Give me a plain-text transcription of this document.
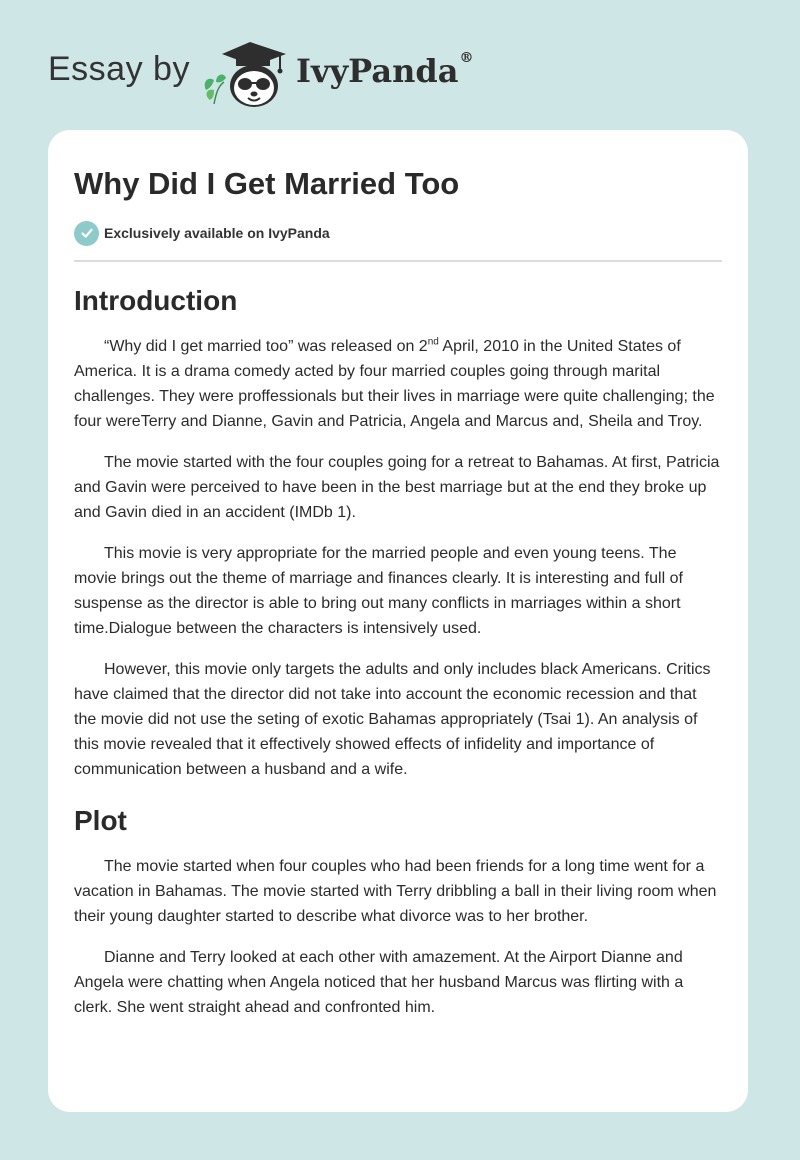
Essay by	IvyPanda®
Why Did I Get Married Too
Exclusively available on IvyPanda
Introduction

“Why did I get married too” was released on 2nd April, 2010 in the United States of America. It is a drama comedy acted by four married couples going through marital challenges. They were proffessionals but their lives in marriage were quite challenging; the four wereTerry and Dianne, Gavin and Patricia, Angela and Marcus and, Sheila and Troy.

The movie started with the four couples going for a retreat to Bahamas. At first, Patricia and Gavin were perceived to have been in the best marriage but at the end they broke up and Gavin died in an accident (IMDb 1).

This movie is very appropriate for the married people and even young teens. The movie brings out the theme of marriage and finances clearly. It is interesting and full of suspense as the director is able to bring out many conflicts in marriages within a short time.Dialogue between the characters is intensively used.

However, this movie only targets the adults and only includes black Americans. Critics have claimed that the director did not take into account the economic recession and that the movie did not use the seting of exotic Bahamas appropriately (Tsai 1). An analysis of this movie revealed that it effectively showed effects of infidelity and importance of communication between a husband and a wife.

Plot

The movie started when four couples who had been friends for a long time went for a vacation in Bahamas. The movie started with Terry dribbling a ball in their living room when their young daughter started to describe what divorce was to her brother.

Dianne and Terry looked at each other with amazement. At the Airport Dianne and Angela were chatting when Angela noticed that her husband Marcus was flirting with a clerk. She went straight ahead and confronted him.
